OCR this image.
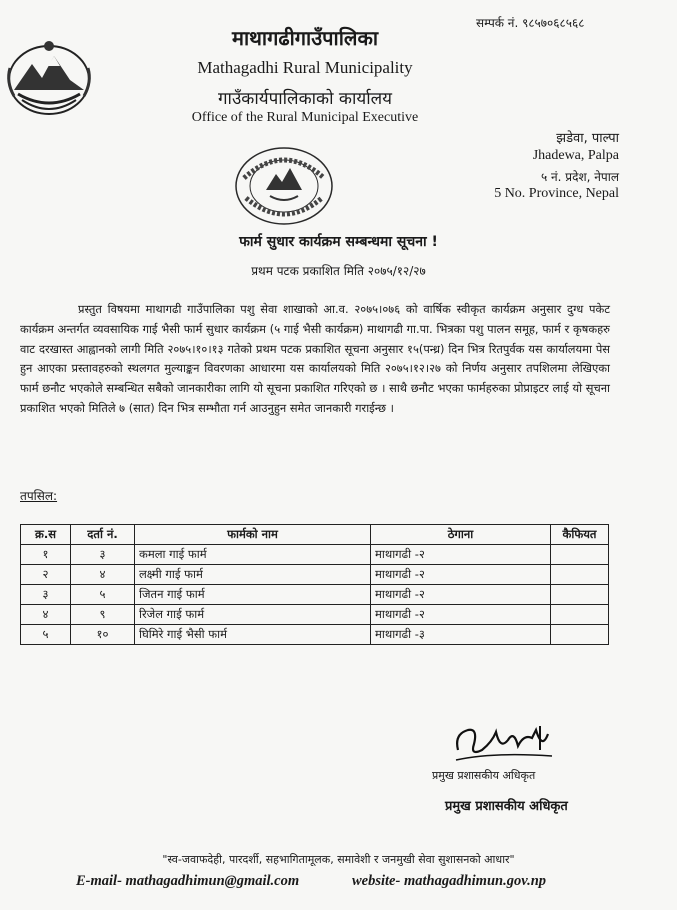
सम्पर्क नं. ९८५७०६८५६८
माथागढीगाउँपालिका
Mathagadhi Rural Municipality
गाउँकार्यपालिकाको कार्यालय
Office of the Rural Municipal Executive
झडेवा, पाल्पा
Jhadewa, Palpa
५ नं. प्रदेश, नेपाल
5 No. Province, Nepal
फार्म सुधार कार्यक्रम सम्बन्धमा सूचना !
प्रथम पटक प्रकाशित मिति २०७५/१२/२७
प्रस्तुत विषयमा माथागढी गाउँपालिका पशु सेवा शाखाको आ.व. २०७५।०७६ को वार्षिक स्वीकृत कार्यक्रम अनुसार दुग्ध पकेट कार्यक्रम अन्तर्गत व्यवसायिक गाई भैसी फार्म सुधार कार्यक्रम (५ गाई भैसी कार्यक्रम) माथागढी गा.पा. भित्रका पशु पालन समूह, फार्म र कृषकहरु वाट दरखास्त आह्वानको लागी मिति २०७५।१०।१३ गतेको प्रथम पटक प्रकाशित सूचना अनुसार १५(पन्ध्र) दिन भित्र रितपुर्वक यस कार्यालयमा पेस हुन आएका प्रस्तावहरुको स्थलगत मुल्याङ्कन विवरणका आधारमा यस कार्यालयको मिति २०७५।१२।२७ को निर्णय अनुसार तपशिलमा लेखिएका फार्म छनौट भएकोले सम्बन्धित सबैको जानकारीका लागि यो सूचना प्रकाशित गरिएको छ । साथै छनौट भएका फार्महरुका प्रोप्राइटर लाई यो सूचना प्रकाशित भएको मितिले ७ (सात) दिन भित्र सम्भौता गर्न आउनुहुन समेत जानकारी गराईन्छ ।
तपसिल:
क्र.स	दर्ता नं.	फार्मको नाम	ठेगाना	कैफियत
१	३	कमला गाई फार्म	माथागढी -२	
२	४	लक्ष्मी गाई फार्म	माथागढी -२	
३	५	जितन गाई फार्म	माथागढी -२	
४	९	रिजेल गाई फार्म	माथागढी -२	
५	१०	घिमिरे गाई भैसी फार्म	माथागढी -३	
प्रमुख प्रशासकीय अधिकृत
प्रमुख प्रशासकीय अधिकृत
"स्व-जवाफदेही, पारदर्शी, सहभागितामूलक, समावेशी र जनमुखी सेवा सुशासनको आधार"
E-mail- mathagadhimun@gmail.com	website- mathagadhimun.gov.np
